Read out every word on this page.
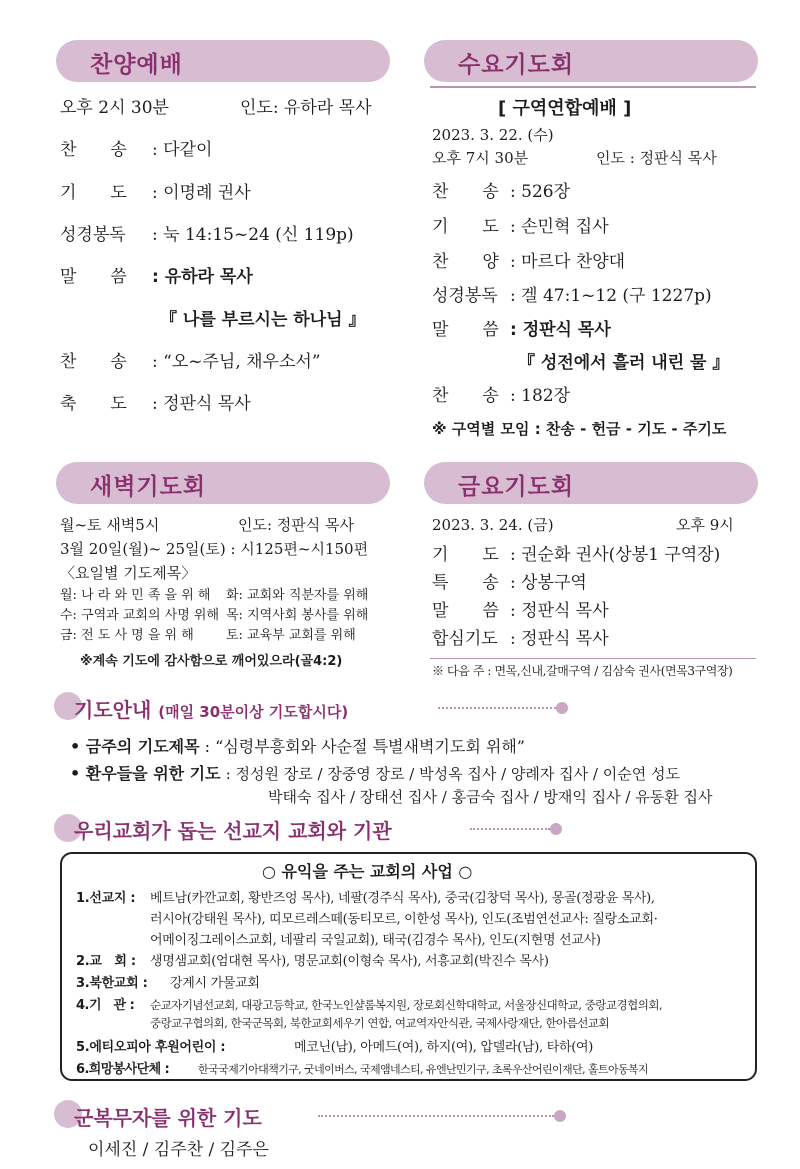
찬양예배
오후 2시 30분	인도: 유하라 목사
찬　　송 : 다같이
기　　도 : 이명례 권사
성경봉독 : 눅 14:15~24 (신 119p)
말　　씀 : 유하라 목사
『 나를 부르시는 하나님 』
찬　　송 : “오~주님, 채우소서”
축　　도 : 정판식 목사
수요기도회
[ 구역연합예배 ]
2023. 3. 22. (수)
오후 7시 30분	인도 : 정판식 목사
찬　　송 : 526장
기　　도 : 손민혁 집사
찬　　양 : 마르다 찬양대
성경봉독 : 겔 47:1~12 (구 1227p)
말　　씀 : 정판식 목사
『 성전에서 흘러 내린 물 』
찬　　송 : 182장
※ 구역별 모임 : 찬송 - 헌금 - 기도 - 주기도
새벽기도회
월~토 새벽5시	인도: 정판식 목사
3월 20일(월)~ 25일(토) : 시125편~시150편
〈요일별 기도제목〉
월: 나 라 와 민 족 을 위 해 화: 교회와 직분자를 위해
수: 구역과 교회의 사명 위해 목: 지역사회 봉사를 위해
금: 전 도 사 명 을 위 해 토: 교육부 교회를 위해
※계속 기도에 감사함으로 깨어있으라(골4:2)
금요기도회
2023. 3. 24. (금)	오후 9시
기　　도 : 권순화 권사(상봉1 구역장)
특　　송 : 상봉구역
말　　씀 : 정판식 목사
합심기도 : 정판식 목사
※ 다음 주 : 면목,신내,갈매구역 / 김삼숙 권사(면목3구역장)
기도안내 (매일 30분이상 기도합시다)
• 금주의 기도제목 : “심령부흥회와 사순절 특별새벽기도회 위해”
• 환우들을 위한 기도 : 정성원 장로 / 장중영 장로 / 박성옥 집사 / 양례자 집사 / 이순연 성도
박태숙 집사 / 장태선 집사 / 홍금숙 집사 / 방재익 집사 / 유동환 집사
우리교회가 돕는 선교지 교회와 기관
○ 유익을 주는 교회의 사업 ○
1.선교지 : 베트남(카깐교회, 황반즈엉 목사), 네팔(경주식 목사), 중국(김창덕 목사), 몽골(정광윤 목사),
러시아(강태원 목사), 띠모르레스떼(동티모르, 이한성 목사), 인도(조범연선교사: 질랑소교회·
어메이징그레이스교회, 네팔리 국일교회), 태국(김경수 목사), 인도(지현명 선교사)
2.교　회 : 생명샘교회(엄대현 목사), 명문교회(이형숙 목사), 서흥교회(박진수 목사)
3.북한교회 : 강계시 가물교회
4.기　관 : 순교자기념선교회, 대광고등학교, 한국노인샬롬복지원, 장로회신학대학교, 서울장신대학교, 중랑교경협의회,
중랑교구협의회, 한국군목회, 북한교회세우기 연합, 여교역자안식관, 국제사랑재단, 한아름선교회
5.에티오피아 후원어린이 :	메코닌(남), 아메드(여), 하지(여), 압델라(남), 타하(여)
6.희망봉사단체 :	한국국제기아대책기구, 굿네이버스, 국제앰네스티, 유엔난민기구, 초록우산어린이재단, 홀트아동복지
군복무자를 위한 기도
이세진 / 김주찬 / 김주은
